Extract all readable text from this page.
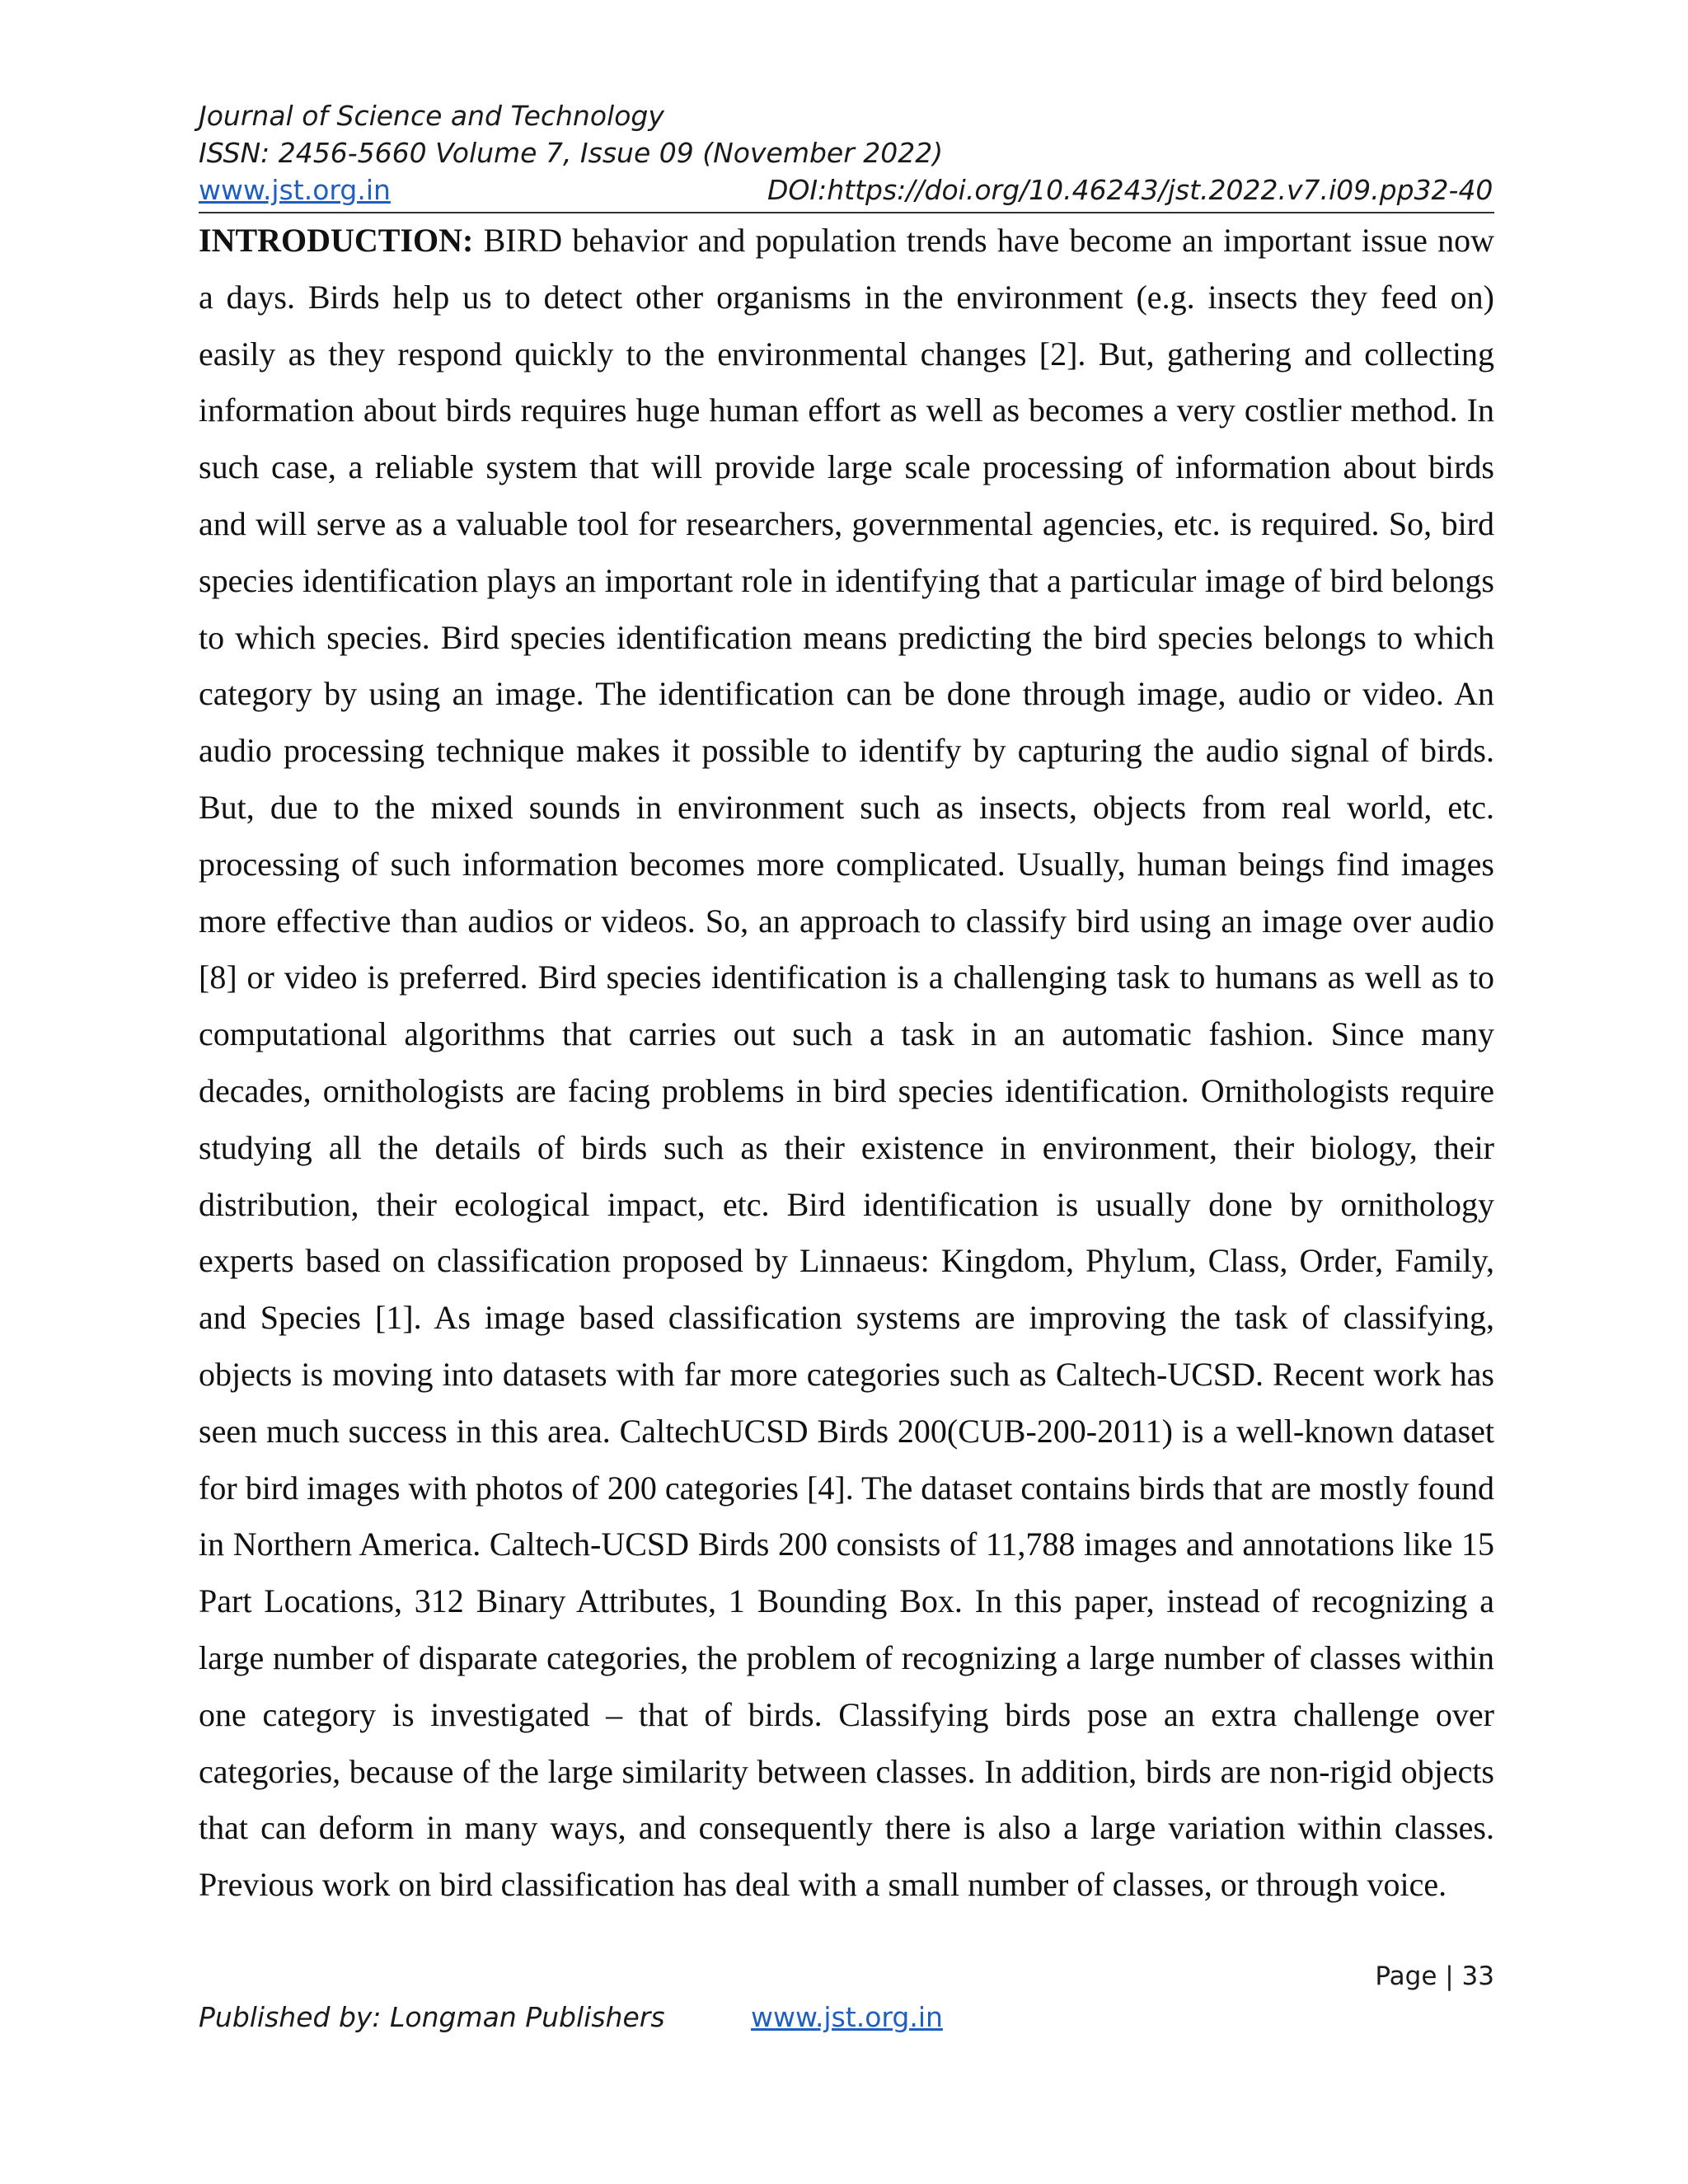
Journal of Science and Technology
ISSN: 2456-5660 Volume 7, Issue 09 (November 2022)
www.jst.org.in	DOI:https://doi.org/10.46243/jst.2022.v7.i09.pp32-40
INTRODUCTION: BIRD behavior and population trends have become an important issue now a days. Birds help us to detect other organisms in the environment (e.g. insects they feed on) easily as they respond quickly to the environmental changes [2]. But, gathering and collecting information about birds requires huge human effort as well as becomes a very costlier method. In such case, a reliable system that will provide large scale processing of information about birds and will serve as a valuable tool for researchers, governmental agencies, etc. is required. So, bird species identification plays an important role in identifying that a particular image of bird belongs to which species. Bird species identification means predicting the bird species belongs to which category by using an image. The identification can be done through image, audio or video. An audio processing technique makes it possible to identify by capturing the audio signal of birds. But, due to the mixed sounds in environment such as insects, objects from real world, etc. processing of such information becomes more complicated. Usually, human beings find images more effective than audios or videos. So, an approach to classify bird using an image over audio [8] or video is preferred. Bird species identification is a challenging task to humans as well as to computational algorithms that carries out such a task in an automatic fashion. Since many decades, ornithologists are facing problems in bird species identification. Ornithologists require studying all the details of birds such as their existence in environment, their biology, their distribution, their ecological impact, etc. Bird identification is usually done by ornithology experts based on classification proposed by Linnaeus: Kingdom, Phylum, Class, Order, Family, and Species [1]. As image based classification systems are improving the task of classifying, objects is moving into datasets with far more categories such as Caltech-UCSD. Recent work has seen much success in this area. CaltechUCSD Birds 200(CUB-200-2011) is a well-known dataset for bird images with photos of 200 categories [4]. The dataset contains birds that are mostly found in Northern America. Caltech-UCSD Birds 200 consists of 11,788 images and annotations like 15 Part Locations, 312 Binary Attributes, 1 Bounding Box. In this paper, instead of recognizing a large number of disparate categories, the problem of recognizing a large number of classes within one category is investigated – that of birds. Classifying birds pose an extra challenge over categories, because of the large similarity between classes. In addition, birds are non-rigid objects that can deform in many ways, and consequently there is also a large variation within classes. Previous work on bird classification has deal with a small number of classes, or through voice.
Page | 33
Published by: Longman Publishers	www.jst.org.in
